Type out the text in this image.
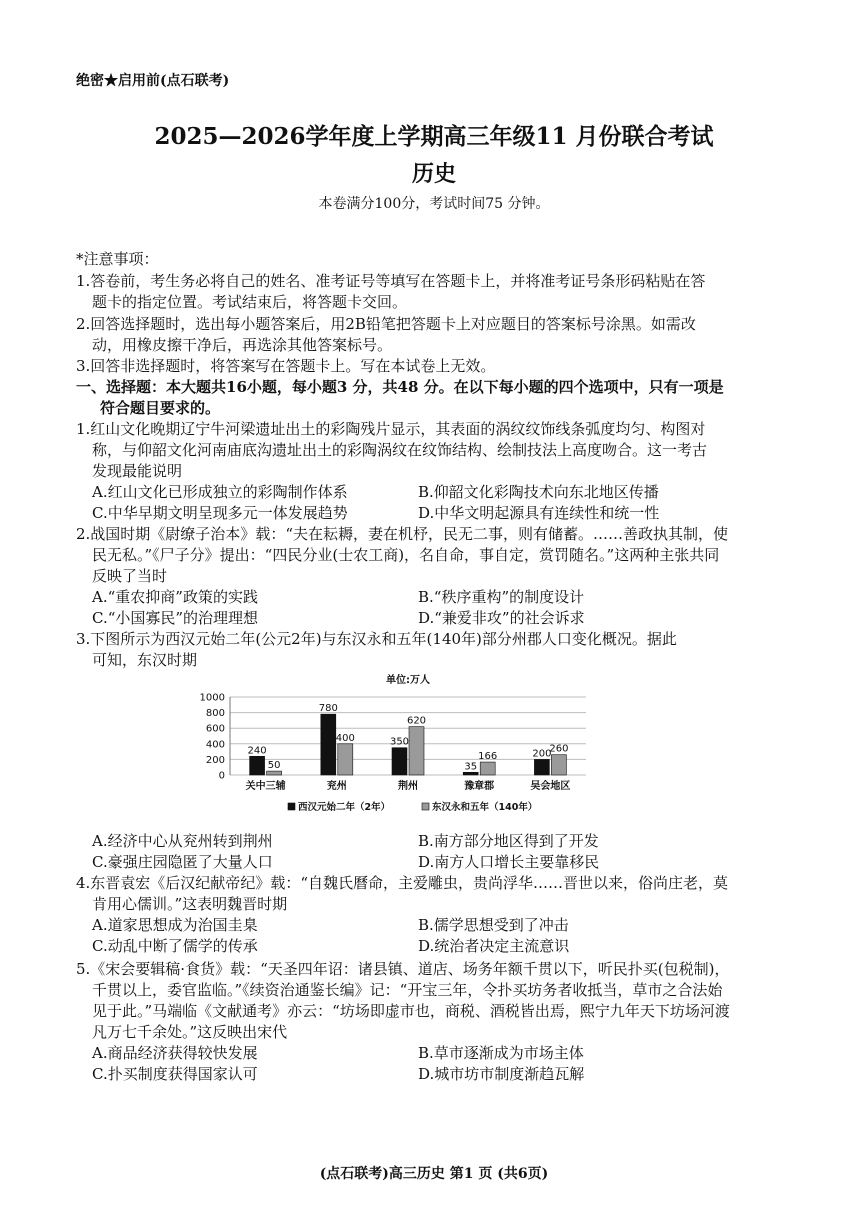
绝密★启用前(点石联考)
2025—2026学年度上学期高三年级11 月份联合考试
历史
本卷满分100分，考试时间75 分钟。
*注意事项：
1.答卷前，考生务必将自己的姓名、准考证号等填写在答题卡上，并将准考证号条形码粘贴在答
题卡的指定位置。考试结束后，将答题卡交回。
2.回答选择题时，选出每小题答案后，用2B铅笔把答题卡上对应题目的答案标号涂黑。如需改
动，用橡皮擦干净后，再选涂其他答案标号。
3.回答非选择题时，将答案写在答题卡上。写在本试卷上无效。
一、选择题：本大题共16小题，每小题3 分，共48 分。在以下每小题的四个选项中，只有一项是
符合题目要求的。
1.红山文化晚期辽宁牛河梁遗址出土的彩陶残片显示，其表面的涡纹纹饰线条弧度均匀、构图对
称，与仰韶文化河南庙底沟遗址出土的彩陶涡纹在纹饰结构、绘制技法上高度吻合。这一考古
发现最能说明
A.红山文化已形成独立的彩陶制作体系	B.仰韶文化彩陶技术向东北地区传播
C.中华早期文明呈现多元一体发展趋势	D.中华文明起源具有连续性和统一性
2.战国时期《尉缭子治本》载：“夫在耘耨，妻在机杼，民无二事，则有储蓄。……善政执其制，使
民无私。”《尸子分》提出：“四民分业(士农工商)，名自命，事自定，赏罚随名。”这两种主张共同
反映了当时
A.“重农抑商”政策的实践	B.“秩序重构”的制度设计
C.“小国寡民”的治理理想	D.“兼爱非攻”的社会诉求
3.下图所示为西汉元始二年(公元2年)与东汉永和五年(140年)部分州郡人口变化概况。据此
可知，东汉时期
单位:万人
0
200
400
600
800
1000
240
50
关中三辅
780
400
兖州
350
620
荆州
35
166
豫章郡
200
260
吴会地区
西汉元始二年（2年）	东汉永和五年（140年）
A.经济中心从兖州转到荆州	B.南方部分地区得到了开发
C.豪强庄园隐匿了大量人口	D.南方人口增长主要靠移民
4.东晋袁宏《后汉纪献帝纪》载：“自魏氏曆命，主爱雕虫，贵尚浮华……晋世以来，俗尚庄老，莫
肯用心儒训。”这表明魏晋时期
A.道家思想成为治国圭臬	B.儒学思想受到了冲击
C.动乱中断了儒学的传承	D.统治者决定主流意识
5.《宋会要辑稿·食货》载：“天圣四年诏：诸县镇、道店、场务年额千贯以下，听民扑买(包税制)，
千贯以上，委官监临。”《续资治通鉴长编》记：“开宝三年，令扑买坊务者收抵当，草市之合法始
见于此。”马端临《文献通考》亦云：“坊场即虚市也，商税、酒税皆出焉，熙宁九年天下坊场河渡
凡万七千余处。”这反映出宋代
A.商品经济获得较快发展	B.草市逐渐成为市场主体
C.扑买制度获得国家认可	D.城市坊市制度渐趋瓦解
(点石联考)高三历史 第1 页 (共6页)
